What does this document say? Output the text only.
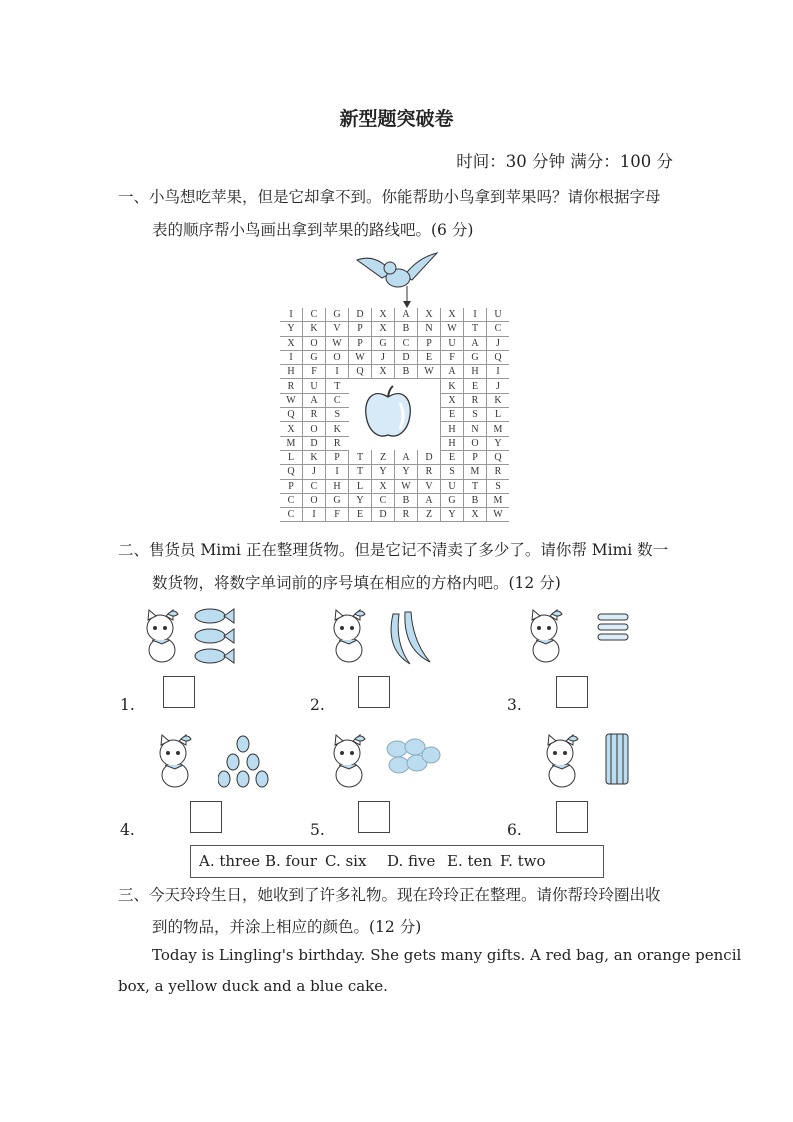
新型题突破卷
时间：30 分钟 满分：100 分
一、小鸟想吃苹果，但是它却拿不到。你能帮助小鸟拿到苹果吗？请你根据字母
表的顺序帮小鸟画出拿到苹果的路线吧。(6 分)
I	C	G	D	X	A	X	X	I	U
Y	K	V	P	X	B	N	W	T	C
X	O	W	P	G	C	P	U	A	J
I	G	O	W	J	D	E	F	G	Q
H	F	I	Q	X	B	W	A	H	I
R	U	T					K	E	J
W	A	C					X	R	K
Q	R	S					E	S	L
X	O	K					H	N	M
M	D	R					H	O	Y
L	K	P	T	Z	A	D	E	P	Q
Q	J	I	T	Y	Y	R	S	M	R
P	C	H	L	X	W	V	U	T	S
C	O	G	Y	C	B	A	G	B	M
C	I	F	E	D	R	Z	Y	X	W
二、售货员 Mimi 正在整理货物。但是它记不清卖了多少了。请你帮 Mimi 数一
数货物，将数字单词前的序号填在相应的方格内吧。(12 分)
1.	2.	3.
4.	5.	6.
A. three B. four C. six D. five E. ten F. two
三、今天玲玲生日，她收到了许多礼物。现在玲玲正在整理。请你帮玲玲圈出收
到的物品，并涂上相应的颜色。(12 分)
Today is Lingling's birthday. She gets many gifts. A red bag, an orange pencil
box, a yellow duck and a blue cake.
